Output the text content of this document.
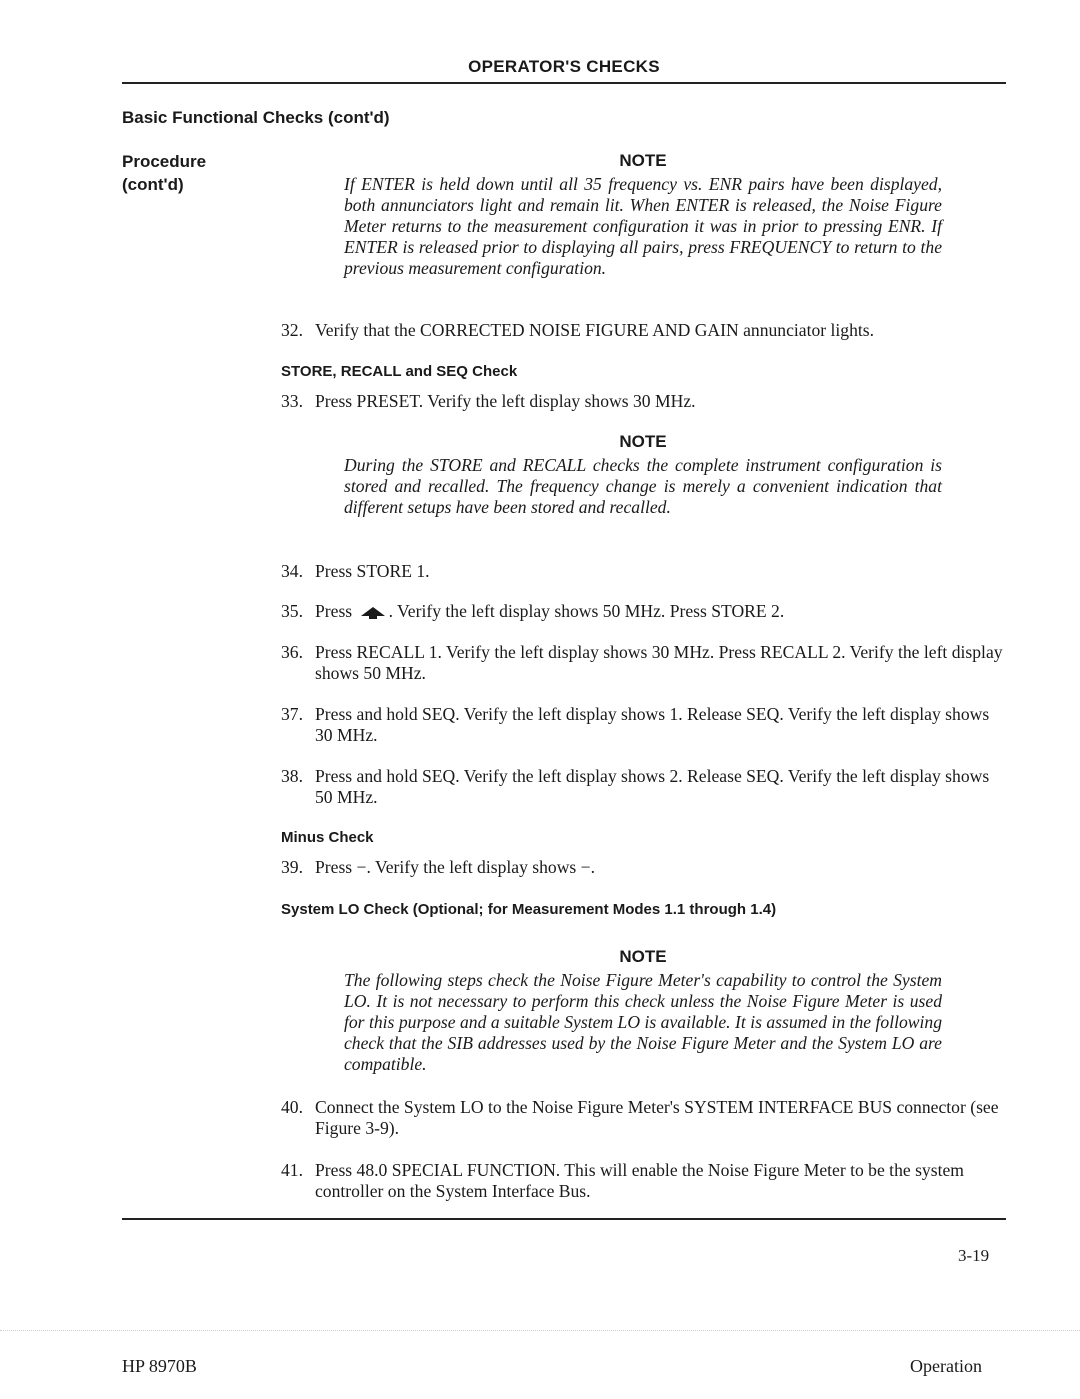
OPERATOR'S CHECKS
Basic Functional Checks (cont'd)
Procedure
(cont'd)
NOTE
If ENTER is held down until all 35 frequency vs. ENR pairs have been displayed, both annunciators light and remain lit. When ENTER is released, the Noise Figure Meter returns to the measurement configuration it was in prior to pressing ENR. If ENTER is released prior to displaying all pairs, press FREQUENCY to return to the previous measurement configuration.
32. Verify that the CORRECTED NOISE FIGURE AND GAIN annunciator lights.
STORE, RECALL and SEQ Check
33. Press PRESET. Verify the left display shows 30 MHz.
NOTE
During the STORE and RECALL checks the complete instrument configuration is stored and recalled. The frequency change is merely a convenient indication that different setups have been stored and recalled.
34. Press STORE 1.
35. Press . Verify the left display shows 50 MHz. Press STORE 2.
36. Press RECALL 1. Verify the left display shows 30 MHz. Press RECALL 2. Verify the left display shows 50 MHz.
37. Press and hold SEQ. Verify the left display shows 1. Release SEQ. Verify the left display shows 30 MHz.
38. Press and hold SEQ. Verify the left display shows 2. Release SEQ. Verify the left display shows 50 MHz.
Minus Check
39. Press −. Verify the left display shows −.
System LO Check (Optional; for Measurement Modes 1.1 through 1.4)
NOTE
The following steps check the Noise Figure Meter's capability to control the System LO. It is not necessary to perform this check unless the Noise Figure Meter is used for this purpose and a suitable System LO is available. It is assumed in the following check that the SIB addresses used by the Noise Figure Meter and the System LO are compatible.
40. Connect the System LO to the Noise Figure Meter's SYSTEM INTERFACE BUS connector (see Figure 3-9).
41. Press 48.0 SPECIAL FUNCTION. This will enable the Noise Figure Meter to be the system controller on the System Interface Bus.
3-19
HP 8970B	Operation
